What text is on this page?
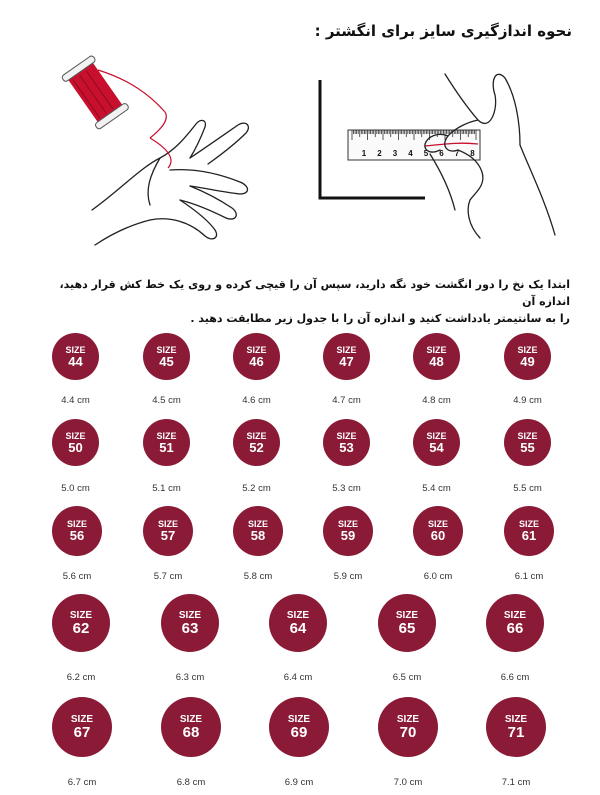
نحوه اندازگیری سایز برای انگشتر :
1 2 3 4 5 6 7 8

ابتدا یک نخ را دور انگشت خود نگه دارید، سپس آن را قیچی کرده و روی یک خط کش قرار دهید، اندازه آن

را به سانتیمتر یادداشت کنید و اندازه آن را با جدول زیر مطابقت دهید .

SIZE
44
4.4 cm
SIZE
45
4.5 cm
SIZE
46
4.6 cm
SIZE
47
4.7 cm
SIZE
48
4.8 cm
SIZE
49
4.9 cm
SIZE
50
5.0 cm
SIZE
51
5.1 cm
SIZE
52
5.2 cm
SIZE
53
5.3 cm
SIZE
54
5.4 cm
SIZE
55
5.5 cm
SIZE
56
5.6 cm
SIZE
57
5.7 cm
SIZE
58
5.8 cm
SIZE
59
5.9 cm
SIZE
60
6.0 cm
SIZE
61
6.1 cm
SIZE
62
6.2 cm
SIZE
63
6.3 cm
SIZE
64
6.4 cm
SIZE
65
6.5 cm
SIZE
66
6.6 cm
SIZE
67
6.7 cm
SIZE
68
6.8 cm
SIZE
69
6.9 cm
SIZE
70
7.0 cm
SIZE
71
7.1 cm
